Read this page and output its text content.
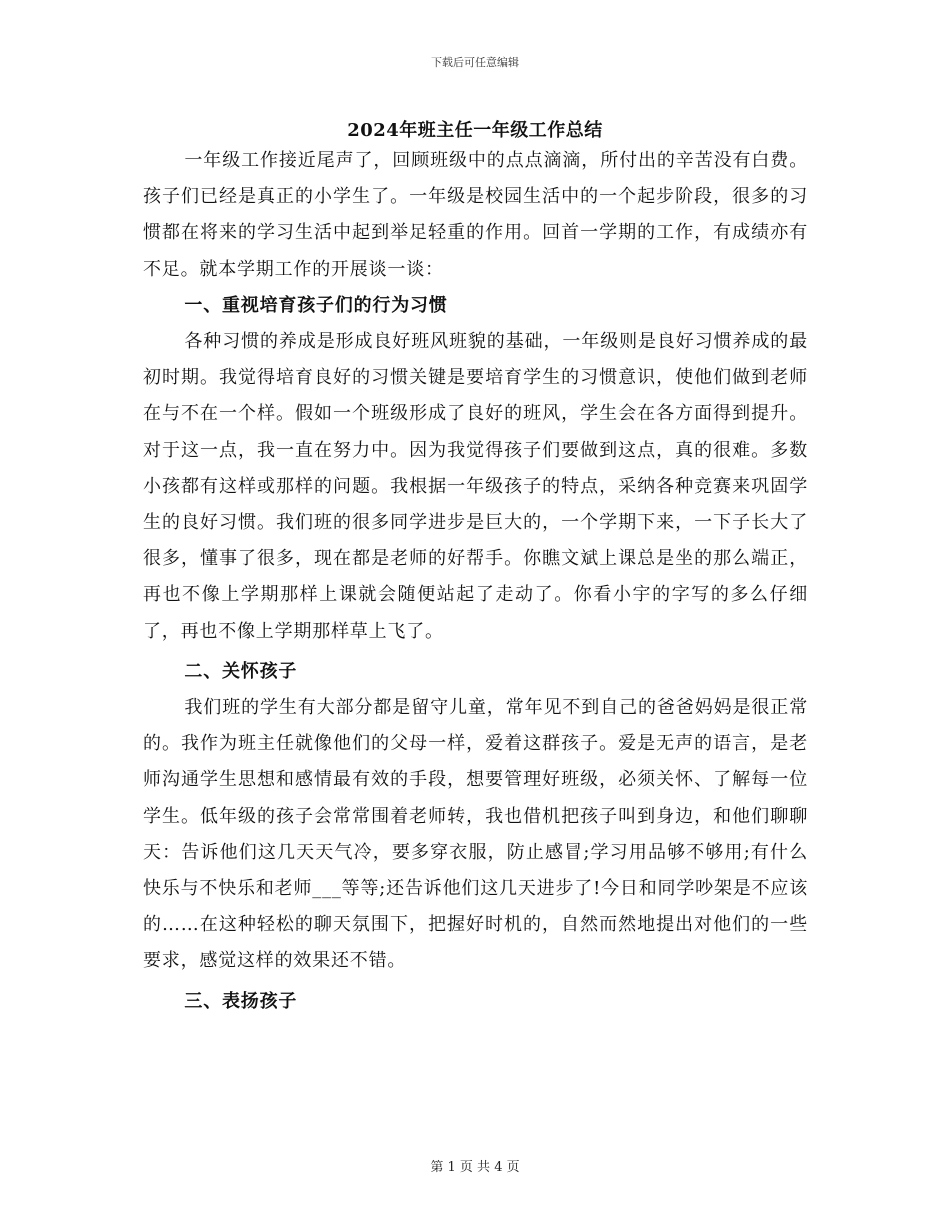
下载后可任意编辑
2024年班主任一年级工作总结

一年级工作接近尾声了，回顾班级中的点点滴滴，所付出的辛苦没有白费。孩子们已经是真正的小学生了。一年级是校园生活中的一个起步阶段，很多的习惯都在将来的学习生活中起到举足轻重的作用。回首一学期的工作，有成绩亦有不足。就本学期工作的开展谈一谈：

一、重视培育孩子们的行为习惯

各种习惯的养成是形成良好班风班貌的基础，一年级则是良好习惯养成的最初时期。我觉得培育良好的习惯关键是要培育学生的习惯意识，使他们做到老师在与不在一个样。假如一个班级形成了良好的班风，学生会在各方面得到提升。对于这一点，我一直在努力中。因为我觉得孩子们要做到这点，真的很难。多数小孩都有这样或那样的问题。我根据一年级孩子的特点，采纳各种竞赛来巩固学生的良好习惯。我们班的很多同学进步是巨大的，一个学期下来，一下子长大了很多，懂事了很多，现在都是老师的好帮手。你瞧文斌上课总是坐的那么端正，再也不像上学期那样上课就会随便站起了走动了。你看小宇的字写的多么仔细了，再也不像上学期那样草上飞了。

二、关怀孩子

我们班的学生有大部分都是留守儿童，常年见不到自己的爸爸妈妈是很正常的。我作为班主任就像他们的父母一样，爱着这群孩子。爱是无声的语言，是老师沟通学生思想和感情最有效的手段，想要管理好班级，必须关怀、了解每一位学生。低年级的孩子会常常围着老师转，我也借机把孩子叫到身边，和他们聊聊天：告诉他们这几天天气冷，要多穿衣服，防止感冒;学习用品够不够用;有什么快乐与不快乐和老师___等等;还告诉他们这几天进步了!今日和同学吵架是不应该的……在这种轻松的聊天氛围下，把握好时机的，自然而然地提出对他们的一些要求，感觉这样的效果还不错。

三、表扬孩子
第 1 页 共 4 页
